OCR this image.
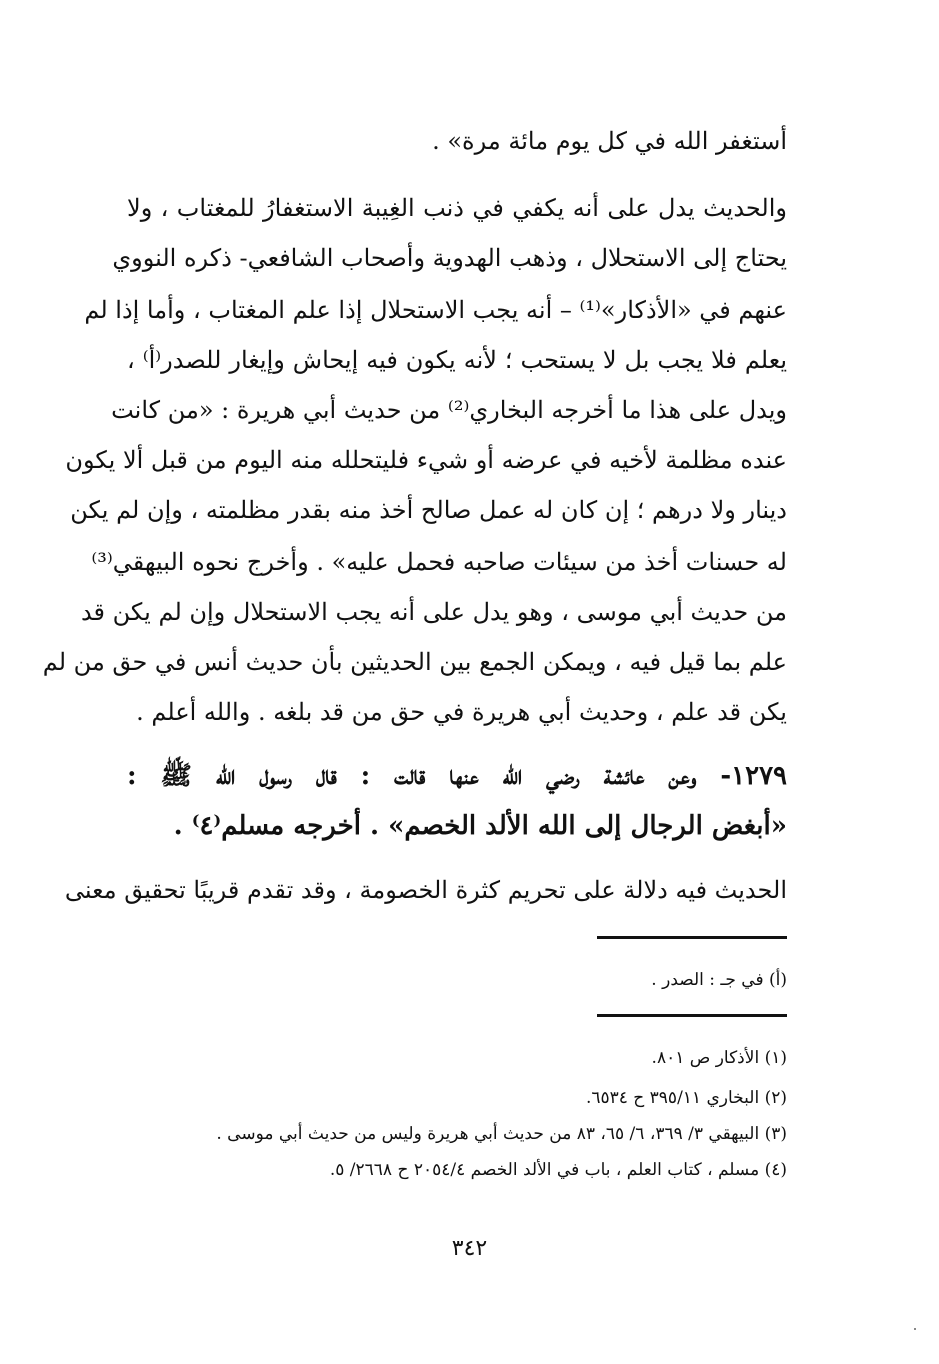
أستغفر الله في كل يوم مائة مرة» .
والحديث يدل على أنه يكفي في ذنب الغِيبة الاستغفارُ للمغتاب ، ولا
يحتاج إلى الاستحلال ، وذهب الهدوية وأصحاب الشافعي- ذكره النووي
عنهم في «الأذكار»⁽¹⁾ – أنه يجب الاستحلال إذا علم المغتاب ، وأما إذا لم
يعلم فلا يجب بل لا يستحب ؛ لأنه يكون فيه إيحاش وإيغار للصدر⁽أ⁾ ،
ويدل على هذا ما أخرجه البخاري⁽²⁾ من حديث أبي هريرة : «من كانت
عنده مظلمة لأخيه في عرضه أو شيء فليتحلله منه اليوم من قبل ألا يكون
دينار ولا درهم ؛ إن كان له عمل صالح أخذ منه بقدر مظلمته ، وإن لم يكن
له حسنات أخذ من سيئات صاحبه فحمل عليه» . وأخرج نحوه البيهقي⁽³⁾
من حديث أبي موسى ، وهو يدل على أنه يجب الاستحلال وإن لم يكن قد
علم بما قيل فيه ، ويمكن الجمع بين الحديثين بأن حديث أنس في حق من لم
يكن قد علم ، وحديث أبي هريرة في حق من قد بلغه . والله أعلم .
١٢٧٩- وعن عائشة رضي الله عنها قالت : قال رسول الله ﷺ :
«أبغض الرجال إلى الله الألد الخصم» . أخرجه مسلم⁽٤⁾ .
الحديث فيه دلالة على تحريم كثرة الخصومة ، وقد تقدم قريبًا تحقيق معنى
(أ) في جـ : الصدر .
(١) الأذكار ص ٨٠١.
(٢) البخاري ٣٩٥/١١ ح ٦٥٣٤.
(٣) البيهقي ٣/ ٣٦٩، ٦/ ٦٥، ٨٣ من حديث أبي هريرة وليس من حديث أبي موسى .
(٤) مسلم ، كتاب العلم ، باب في الألد الخصم ٢٠٥٤/٤ ح ٢٦٦٨/ ٥.
٣٤٢
